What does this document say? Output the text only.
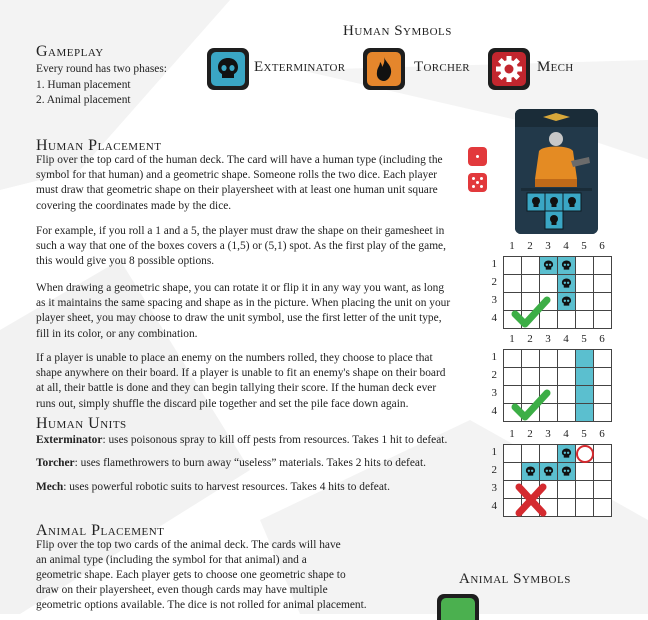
Human Symbols
Exterminator	Torcher	Mech
Gameplay
Every round has two phases:
1. Human placement
2. Animal placement
Human Placement
Flip over the top card of the human deck. The card will have a human type (including the symbol for that human) and a geometric shape. Someone rolls the two dice. Each player must draw that geometric shape on their playersheet with at least one human unit square covering the coordinates made by the dice.
For example, if you roll a 1 and a 5, the player must draw the shape on their gamesheet in such a way that one of the boxes covers a (1,5) or (5,1) spot. As the first play of the game, this would give you 8 possible options.
When drawing a geometric shape, you can rotate it or flip it in any way you want, as long as it maintains the same spacing and shape as in the picture. When placing the unit on your player sheet, you may choose to draw the unit symbol, use the first letter of the unit type, fill in its color, or any combination.
If a player is unable to place an enemy on the numbers rolled, they choose to place that shape anywhere on their board. If a player is unable to fit an enemy's shape on their board at all, their battle is done and they can begin tallying their score. If the human deck ever runs out, simply shuffle the discard pile together and set the pile face down again.
1	2	3	4	5	6
1
2
3
4
1	2	3	4	5	6
1
2
3
4
1	2	3	4	5	6
1
2
3
4
Human Units
Exterminator: uses poisonous spray to kill off pests from resources. Takes 1 hit to defeat.
Torcher: uses flamethrowers to burn away “useless” materials. Takes 2 hits to defeat.
Mech: uses powerful robotic suits to harvest resources. Takes 4 hits to defeat.
Animal Placement
Flip over the top two cards of the animal deck. The cards will have
an animal type (including the symbol for that animal) and a
geometric shape. Each player gets to choose one geometric shape to
draw on their playersheet, even though cards may have multiple
geometric options available. The dice is not rolled for animal placement.
Animal Symbols
